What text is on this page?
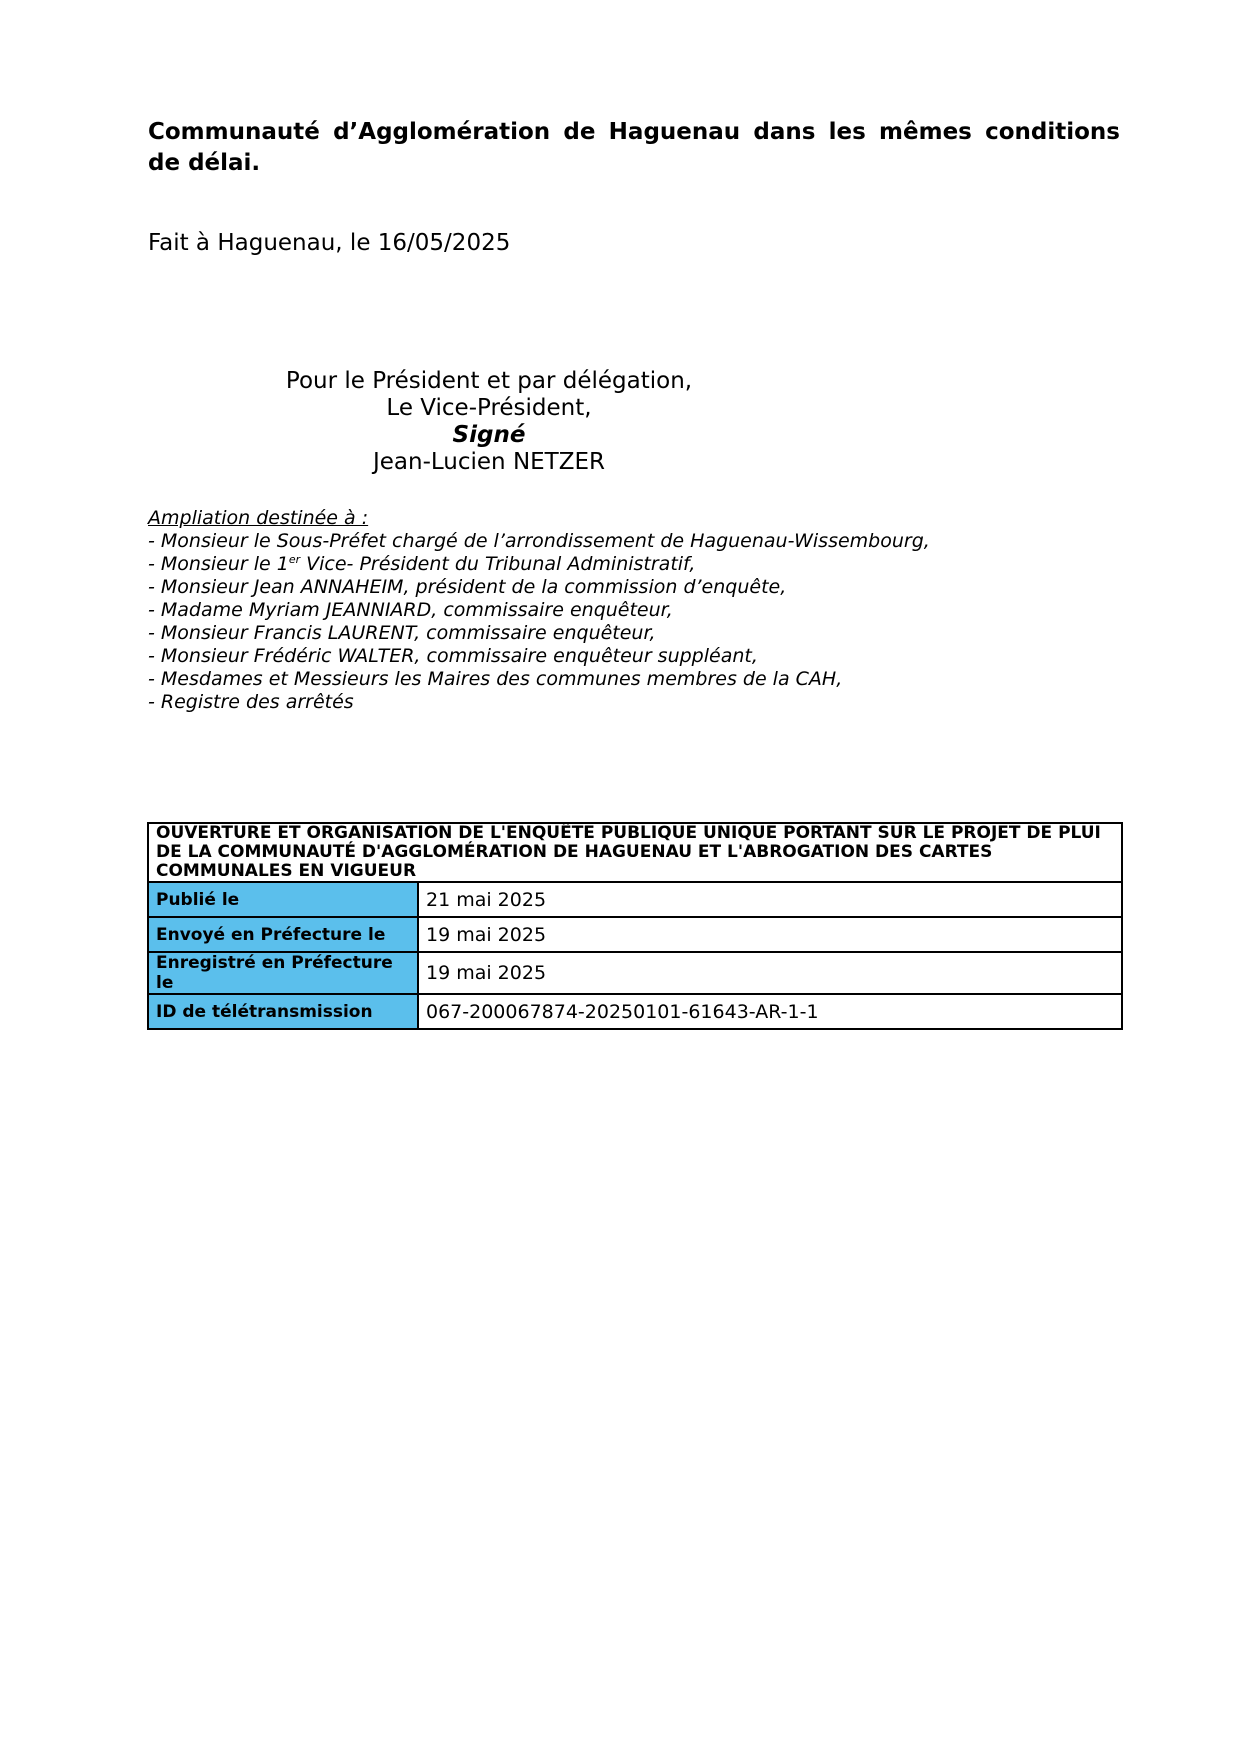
Communauté d’Agglomération de Haguenau dans les mêmes conditions de délai.

Fait à Haguenau, le 16/05/2025

Pour le Président et par délégation,
Le Vice-Président,
Signé
Jean-Lucien NETZER
Ampliation destinée à :
- Monsieur le Sous-Préfet chargé de l’arrondissement de Haguenau-Wissembourg,
- Monsieur le 1er Vice- Président du Tribunal Administratif,
- Monsieur Jean ANNAHEIM, président de la commission d’enquête,
- Madame Myriam JEANNIARD, commissaire enquêteur,
- Monsieur Francis LAURENT, commissaire enquêteur,
- Monsieur Frédéric WALTER, commissaire enquêteur suppléant,
- Mesdames et Messieurs les Maires des communes membres de la CAH,
- Registre des arrêtés
OUVERTURE ET ORGANISATION DE L'ENQUÊTE PUBLIQUE UNIQUE PORTANT SUR LE PROJET DE PLUI DE LA COMMUNAUTÉ D'AGGLOMÉRATION DE HAGUENAU ET L'ABROGATION DES CARTES COMMUNALES EN VIGUEUR	
Publié le	21 mai 2025
Envoyé en Préfecture le	19 mai 2025
Enregistré en Préfecture le	19 mai 2025
ID de télétransmission	067-200067874-20250101-61643-AR-1-1
